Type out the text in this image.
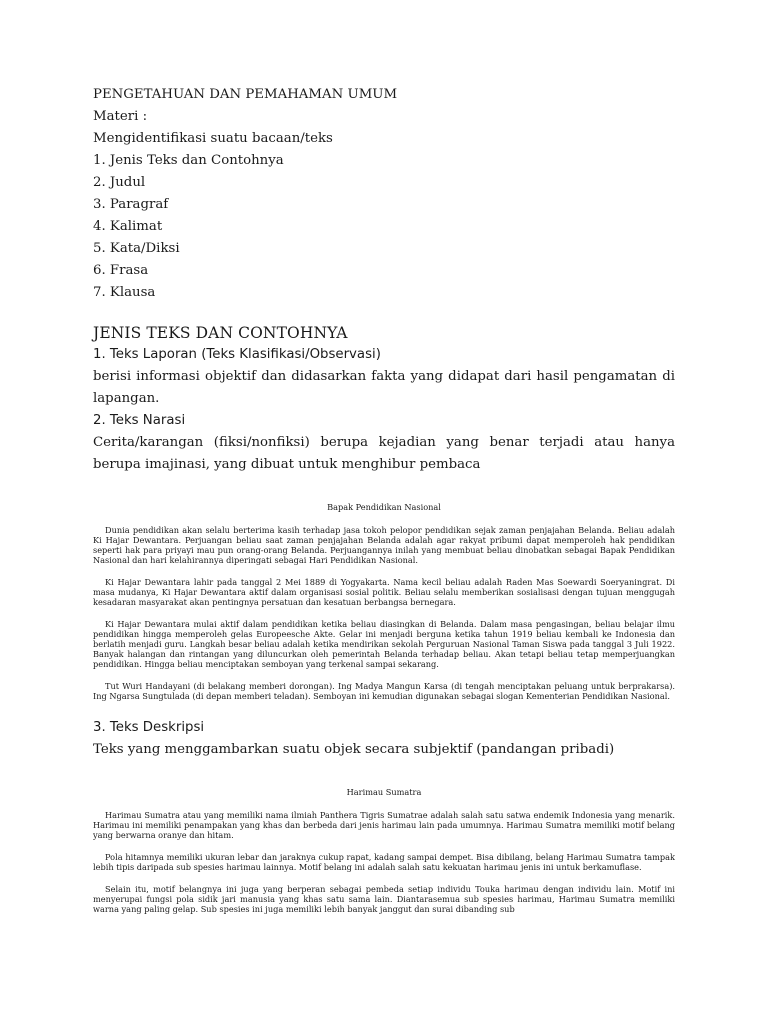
PENGETAHUAN DAN PEMAHAMAN UMUM

Materi :

Mengidentifikasi suatu bacaan/teks

1. Jenis Teks dan Contohnya

2. Judul

3. Paragraf

4. Kalimat

5. Kata/Diksi

6. Frasa

7. Klausa

JENIS TEKS DAN CONTOHNYA

1. Teks Laporan (Teks Klasifikasi/Observasi)

berisi informasi objektif dan didasarkan fakta yang didapat dari hasil pengamatan di lapangan.

2. Teks Narasi

Cerita/karangan (fiksi/nonfiksi) berupa kejadian yang benar terjadi atau hanya berupa imajinasi, yang dibuat untuk menghibur pembaca

Bapak Pendidikan Nasional

Dunia pendidikan akan selalu berterima kasih terhadap jasa tokoh pelopor pendidikan sejak zaman penjajahan Belanda. Beliau adalah Ki Hajar Dewantara. Perjuangan beliau saat zaman penjajahan Belanda adalah agar rakyat pribumi dapat memperoleh hak pendidikan seperti hak para priyayi mau pun orang-orang Belanda. Perjuangannya inilah yang membuat beliau dinobatkan sebagai Bapak Pendidikan Nasional dan hari kelahirannya diperingati sebagai Hari Pendidikan Nasional.

Ki Hajar Dewantara lahir pada tanggal 2 Mei 1889 di Yogyakarta. Nama kecil beliau adalah Raden Mas Soewardi Soeryaningrat. Di masa mudanya, Ki Hajar Dewantara aktif dalam organisasi sosial politik. Beliau selalu memberikan sosialisasi dengan tujuan menggugah kesadaran masyarakat akan pentingnya persatuan dan kesatuan berbangsa bernegara.

Ki Hajar Dewantara mulai aktif dalam pendidikan ketika beliau diasingkan di Belanda. Dalam masa pengasingan, beliau belajar ilmu pendidikan hingga memperoleh gelas Europeesche Akte. Gelar ini menjadi berguna ketika tahun 1919 beliau kembali ke Indonesia dan berlatih menjadi guru. Langkah besar beliau adalah ketika mendirikan sekolah Perguruan Nasional Taman Siswa pada tanggal 3 Juli 1922. Banyak halangan dan rintangan yang diluncurkan oleh pemerintah Belanda terhadap beliau. Akan tetapi beliau tetap memperjuangkan pendidikan. Hingga beliau menciptakan semboyan yang terkenal sampai sekarang.

Tut Wuri Handayani (di belakang memberi dorongan). Ing Madya Mangun Karsa (di tengah menciptakan peluang untuk berprakarsa). Ing Ngarsa Sungtulada (di depan memberi teladan). Semboyan ini kemudian digunakan sebagai slogan Kementerian Pendidikan Nasional.

3. Teks Deskripsi

Teks yang menggambarkan suatu objek secara subjektif (pandangan pribadi)

Harimau Sumatra

Harimau Sumatra atau yang memiliki nama ilmiah Panthera Tigris Sumatrae adalah salah satu satwa endemik Indonesia yang menarik. Harimau ini memiliki penampakan yang khas dan berbeda dari jenis harimau lain pada umumnya. Harimau Sumatra memiliki motif belang yang berwarna oranye dan hitam.

Pola hitamnya memiliki ukuran lebar dan jaraknya cukup rapat, kadang sampai dempet. Bisa dibilang, belang Harimau Sumatra tampak lebih tipis daripada sub spesies harimau lainnya. Motif belang ini adalah salah satu kekuatan harimau jenis ini untuk berkamuflase.

Selain itu, motif belangnya ini juga yang berperan sebagai pembeda setiap individu Touka harimau dengan individu lain. Motif ini menyerupai fungsi pola sidik jari manusia yang khas satu sama lain. Diantarasemua sub spesies harimau, Harimau Sumatra memiliki warna yang paling gelap. Sub spesies ini juga memiliki lebih banyak janggut dan surai dibanding sub
